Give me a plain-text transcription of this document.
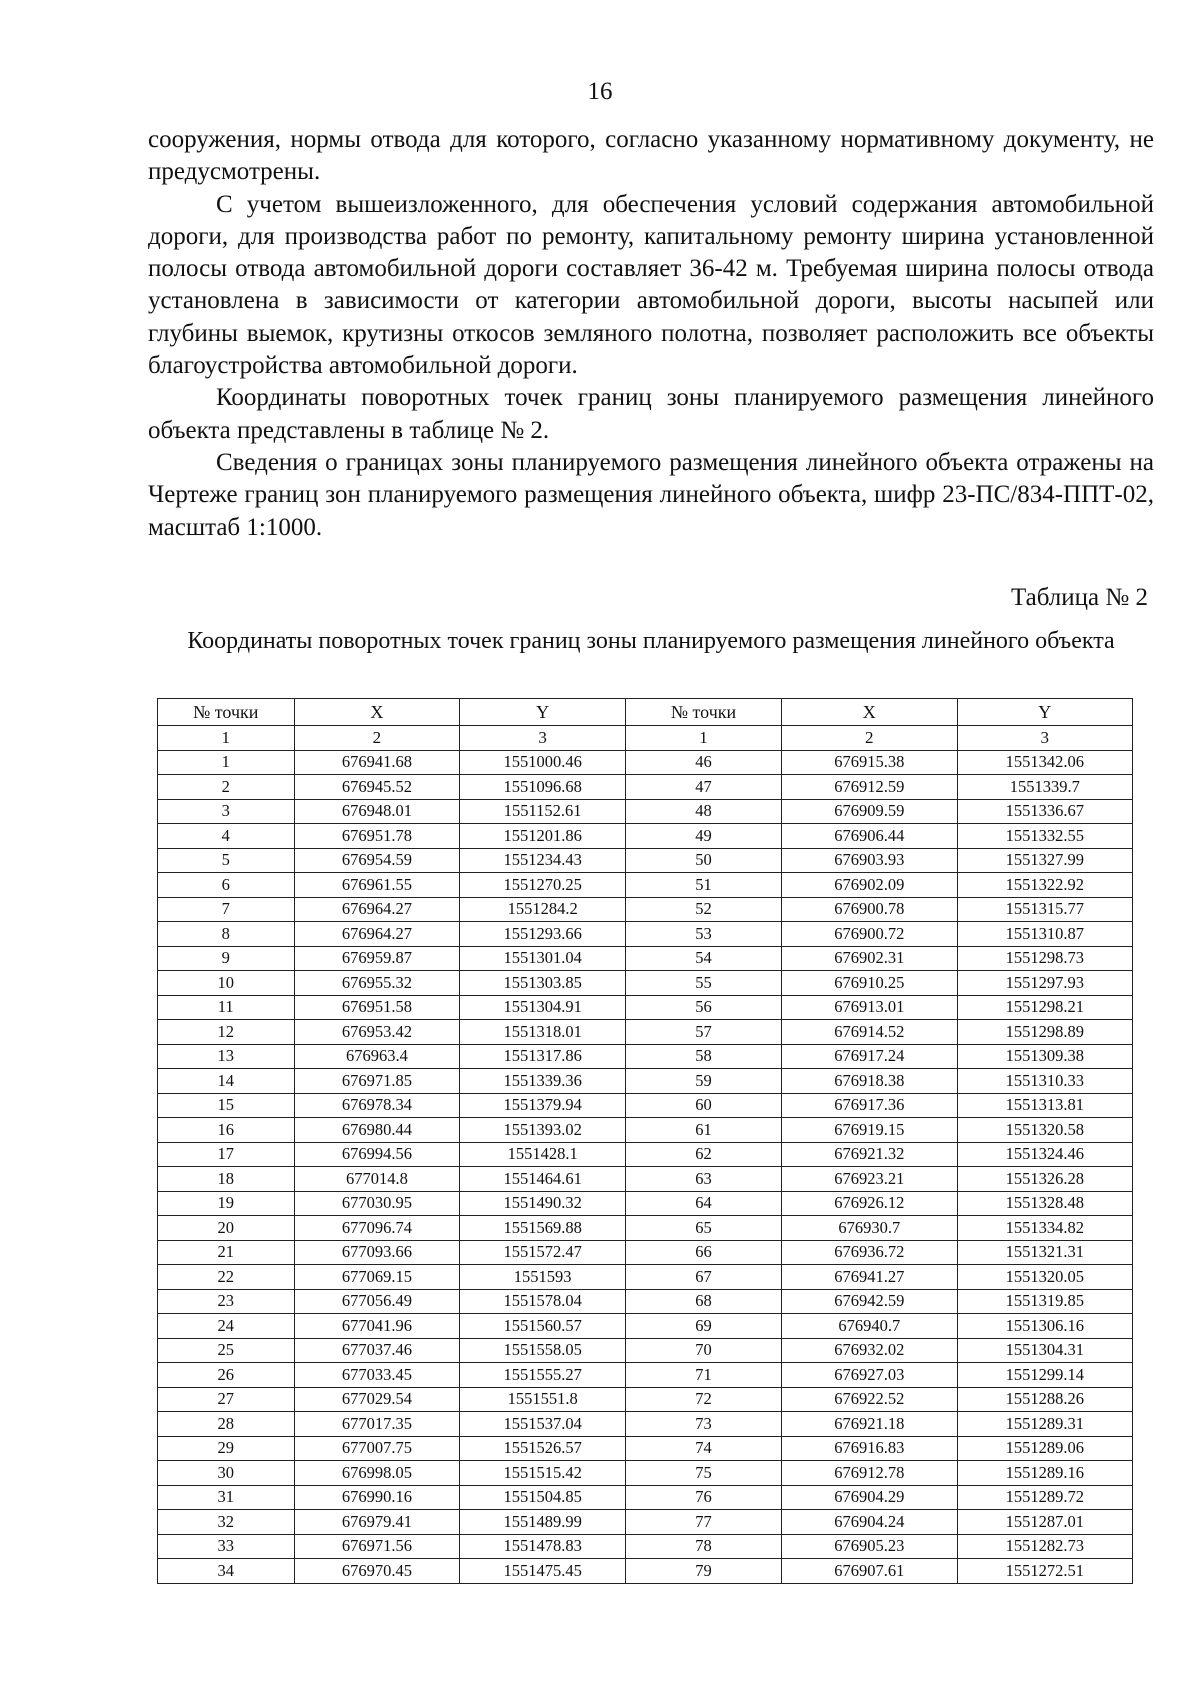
16

сооружения, нормы отвода для которого, согласно указанному нормативному документу, не предусмотрены.

С учетом вышеизложенного, для обеспечения условий содержания автомобильной дороги, для производства работ по ремонту, капитальному ремонту ширина установленной полосы отвода автомобильной дороги составляет 36-42 м. Требуемая ширина полосы отвода установлена в зависимости от категории автомобильной дороги, высоты насыпей или глубины выемок, крутизны откосов земляного полотна, позволяет расположить все объекты благоустройства автомобильной дороги.

Координаты поворотных точек границ зоны планируемого размещения линейного объекта представлены в таблице № 2.

Сведения о границах зоны планируемого размещения линейного объекта отражены на Чертеже границ зон планируемого размещения линейного объекта, шифр 23-ПС/834-ППТ-02, масштаб 1:1000.

Таблица № 2
Координаты поворотных точек границ зоны планируемого размещения линейного объекта
№ точки	X	Y	№ точки	X	Y
1	2	3	1	2	3
1	676941.68	1551000.46	46	676915.38	1551342.06
2	676945.52	1551096.68	47	676912.59	1551339.7
3	676948.01	1551152.61	48	676909.59	1551336.67
4	676951.78	1551201.86	49	676906.44	1551332.55
5	676954.59	1551234.43	50	676903.93	1551327.99
6	676961.55	1551270.25	51	676902.09	1551322.92
7	676964.27	1551284.2	52	676900.78	1551315.77
8	676964.27	1551293.66	53	676900.72	1551310.87
9	676959.87	1551301.04	54	676902.31	1551298.73
10	676955.32	1551303.85	55	676910.25	1551297.93
11	676951.58	1551304.91	56	676913.01	1551298.21
12	676953.42	1551318.01	57	676914.52	1551298.89
13	676963.4	1551317.86	58	676917.24	1551309.38
14	676971.85	1551339.36	59	676918.38	1551310.33
15	676978.34	1551379.94	60	676917.36	1551313.81
16	676980.44	1551393.02	61	676919.15	1551320.58
17	676994.56	1551428.1	62	676921.32	1551324.46
18	677014.8	1551464.61	63	676923.21	1551326.28
19	677030.95	1551490.32	64	676926.12	1551328.48
20	677096.74	1551569.88	65	676930.7	1551334.82
21	677093.66	1551572.47	66	676936.72	1551321.31
22	677069.15	1551593	67	676941.27	1551320.05
23	677056.49	1551578.04	68	676942.59	1551319.85
24	677041.96	1551560.57	69	676940.7	1551306.16
25	677037.46	1551558.05	70	676932.02	1551304.31
26	677033.45	1551555.27	71	676927.03	1551299.14
27	677029.54	1551551.8	72	676922.52	1551288.26
28	677017.35	1551537.04	73	676921.18	1551289.31
29	677007.75	1551526.57	74	676916.83	1551289.06
30	676998.05	1551515.42	75	676912.78	1551289.16
31	676990.16	1551504.85	76	676904.29	1551289.72
32	676979.41	1551489.99	77	676904.24	1551287.01
33	676971.56	1551478.83	78	676905.23	1551282.73
34	676970.45	1551475.45	79	676907.61	1551272.51
